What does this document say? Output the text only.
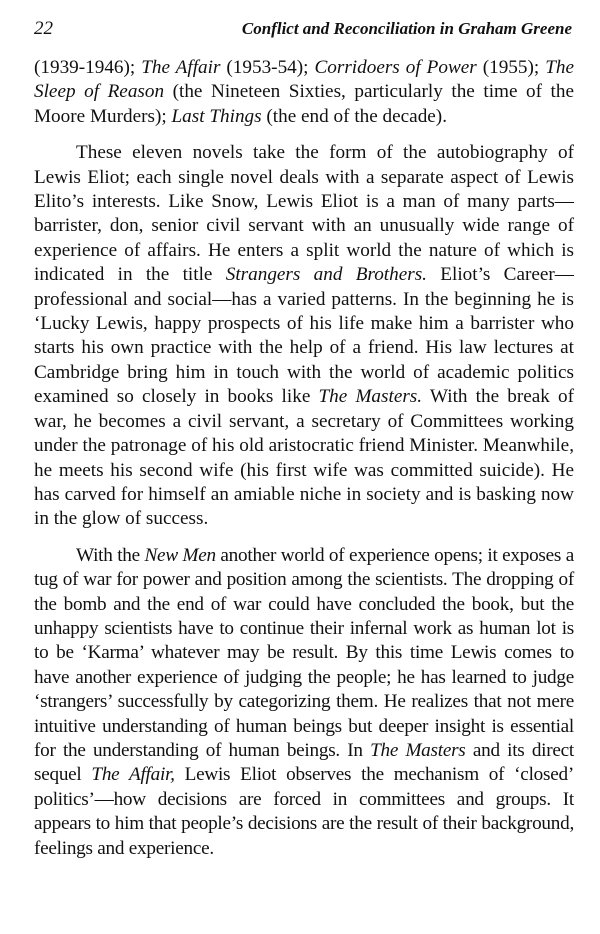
22	Conflict and Reconciliation in Graham Greene

(1939-1946); The Affair (1953-54); Corridoers of Power (1955); The Sleep of Reason (the Nineteen Sixties, particularly the time of the Moore Murders); Last Things (the end of the decade).

These eleven novels take the form of the autobiography of Lewis Eliot; each single novel deals with a separate aspect of Lewis Elito’s interests. Like Snow, Lewis Eliot is a man of many parts—barrister, don, senior civil servant with an unusually wide range of experience of affairs. He enters a split world the nature of which is indicated in the title Strangers and Brothers. Eliot’s Career—professional and social—has a varied patterns. In the beginning he is ‘Lucky Lewis, happy prospects of his life make him a barrister who starts his own practice with the help of a friend. His law lectures at Cambridge bring him in touch with the world of academic politics examined so closely in books like The Masters. With the break of war, he becomes a civil servant, a secretary of Committees working under the patronage of his old aristocratic friend Minister. Meanwhile, he meets his second wife (his first wife was committed suicide). He has carved for himself an amiable niche in society and is basking now in the glow of success.

With the New Men another world of experience opens; it exposes a tug of war for power and position among the scientists. The dropping of the bomb and the end of war could have concluded the book, but the unhappy scientists have to continue their infernal work as human lot is to be ‘Karma’ whatever may be result. By this time Lewis comes to have another experience of judging the people; he has learned to judge ‘strangers’ successfully by categorizing them. He realizes that not mere intuitive understanding of human beings but deeper insight is essential for the understanding of human beings. In The Masters and its direct sequel The Affair, Lewis Eliot observes the mechanism of ‘closed’ politics’—how decisions are forced in committees and groups. It appears to him that people’s decisions are the result of their background, feelings and experience.
